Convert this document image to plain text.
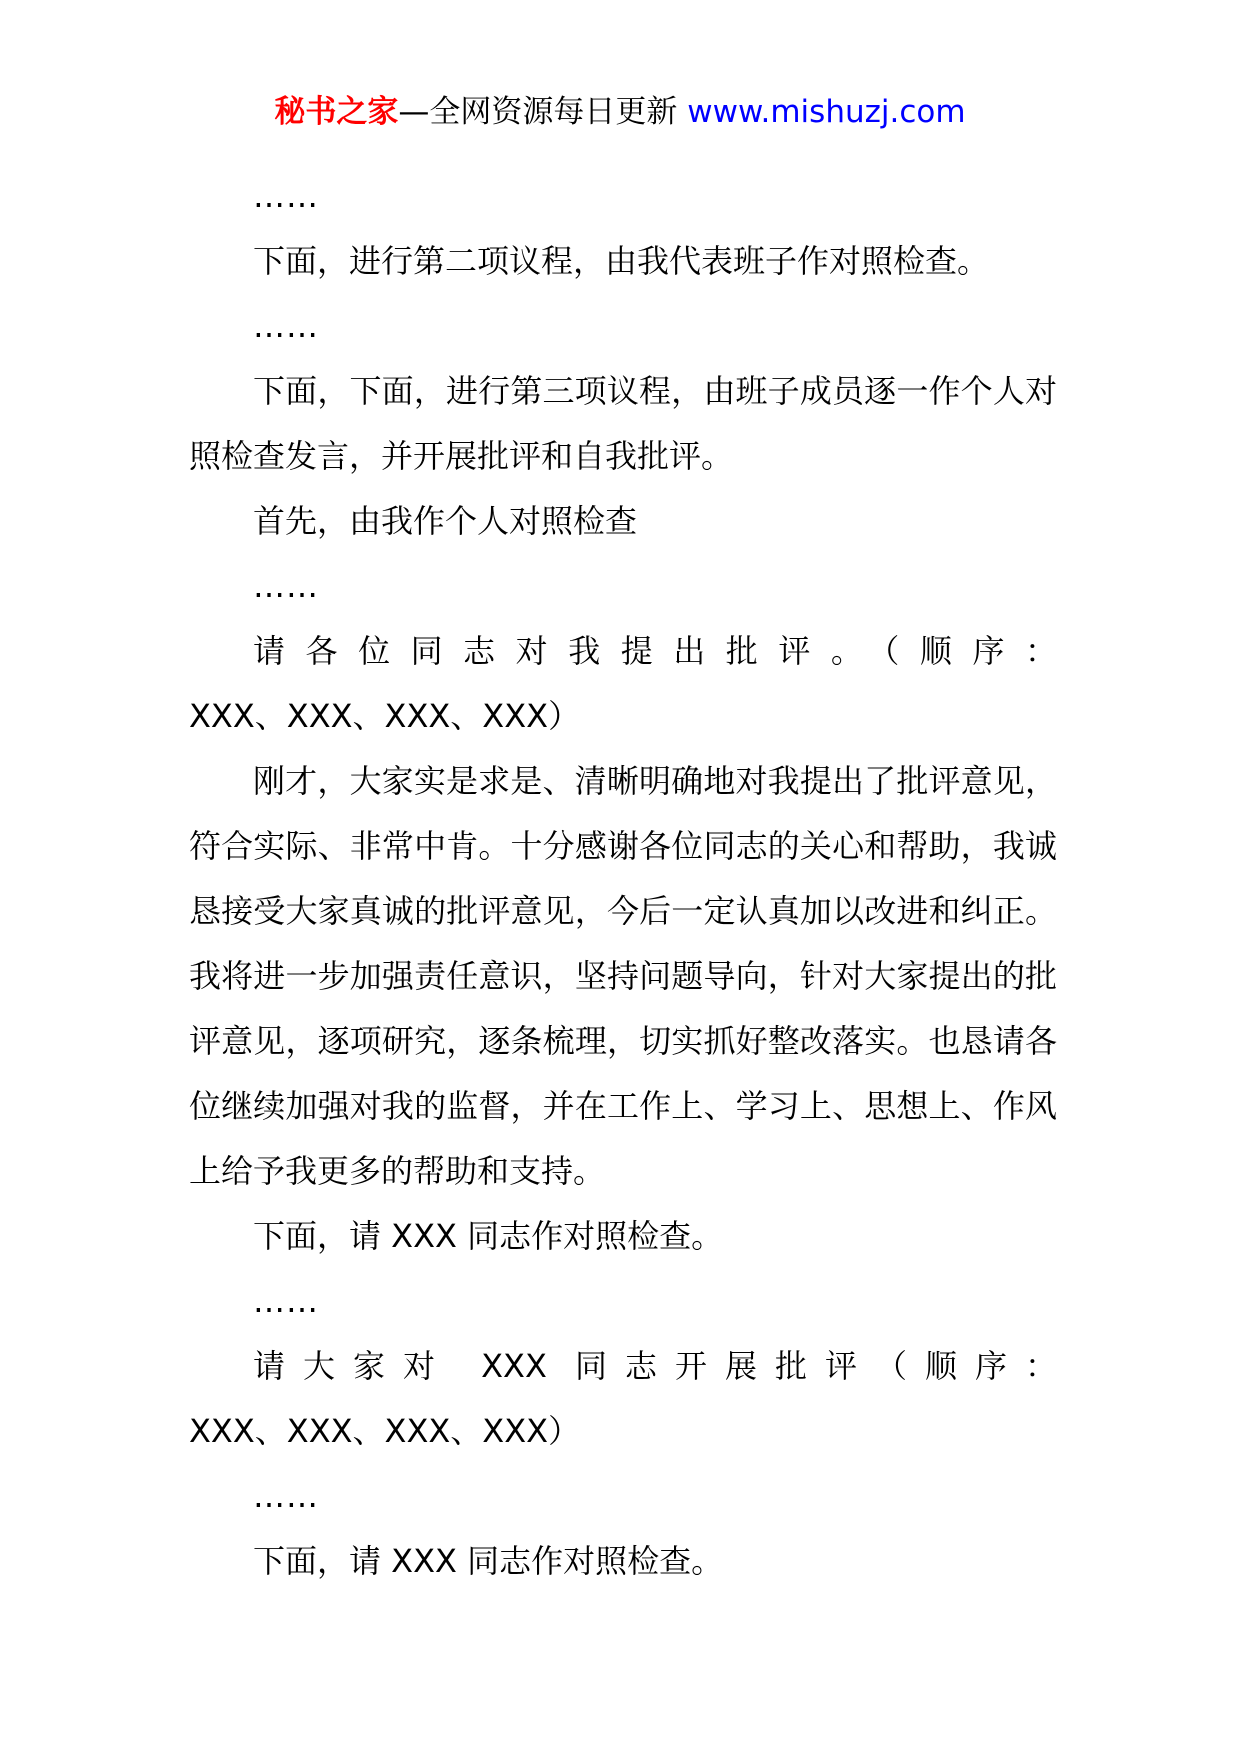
秘书之家—全网资源每日更新 www.mishuzj.com

……

下面，进行第二项议程，由我代表班子作对照检查。

……

下面，下面，进行第三项议程，由班子成员逐一作个人对照检查发言，并开展批评和自我批评。

首先，由我作个人对照检查

……

请各位同志对我提出批评。（顺序：
XXX、XXX、XXX、XXX）

刚才，大家实是求是、清晰明确地对我提出了批评意见，符合实际、非常中肯。十分感谢各位同志的关心和帮助，我诚恳接受大家真诚的批评意见，今后一定认真加以改进和纠正。我将进一步加强责任意识，坚持问题导向，针对大家提出的批评意见，逐项研究，逐条梳理，切实抓好整改落实。也恳请各位继续加强对我的监督，并在工作上、学习上、思想上、作风上给予我更多的帮助和支持。

下面，请 XXX 同志作对照检查。

……

请大家对 XXX 同志开展批评（顺序：
XXX、XXX、XXX、XXX）

……

下面，请 XXX 同志作对照检查。
